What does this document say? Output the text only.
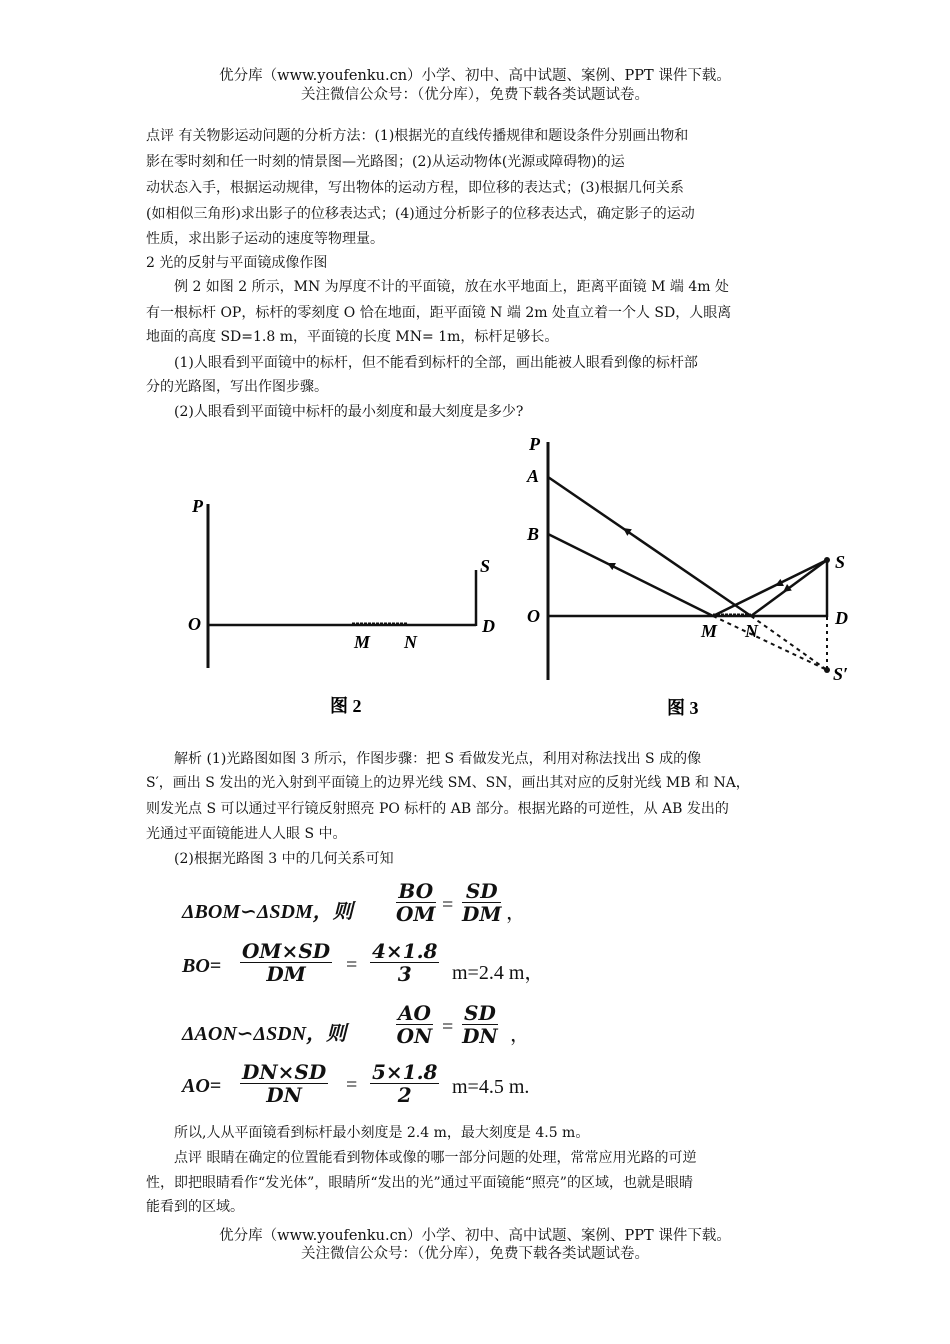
优分库（www.youfenku.cn）小学、初中、高中试题、案例、PPT 课件下载。
关注微信公众号：（优分库），免费下载各类试题试卷。
点评 有关物影运动问题的分析方法：(1)根据光的直线传播规律和题设条件分别画出物和
影在零时刻和任一时刻的情景图—光路图；(2)从运动物体(光源或障碍物)的运
动状态入手，根据运动规律，写出物体的运动方程，即位移的表达式；(3)根据几何关系
(如相似三角形)求出影子的位移表达式；(4)通过分析影子的位移表达式，确定影子的运动
性质，求出影子运动的速度等物理量。
2 光的反射与平面镜成像作图
例 2 如图 2 所示，MN 为厚度不计的平面镜，放在水平地面上，距离平面镜 M 端 4m 处
有一根标杆 OP，标杆的零刻度 O 恰在地面，距平面镜 N 端 2m 处直立着一个人 SD，人眼离
地面的高度 SD=1.8 m，平面镜的长度 MN= 1m，标杆足够长。
(1)人眼看到平面镜中的标杆，但不能看到标杆的全部，画出能被人眼看到像的标杆部
分的光路图，写出作图步骤。
(2)人眼看到平面镜中标杆的最小刻度和最大刻度是多少?
P
O
S
D
M N
图 2
P
A
B
O
S
D
M N
S′
图 3
解析 (1)光路图如图 3 所示，作图步骤：把 S 看做发光点，利用对称法找出 S 成的像
S′，画出 S 发出的光入射到平面镜上的边界光线 SM、SN，画出其对应的反射光线 MB 和 NA，
则发光点 S 可以通过平行镜反射照亮 PO 标杆的 AB 部分。根据光路的可逆性，从 AB 发出的
光通过平面镜能进人人眼 S 中。
(2)根据光路图 3 中的几何关系可知
ΔBOM∽ΔSDM，则 $\frac{BO}{OM} = \frac{SD}{DM}$ ，
$BO= \frac{OM\times SD}{DM} = \frac{4\times 1.8}{3} m=2.4$ m，
ΔAON∽ΔSDN，则 $\frac{AO}{ON} = \frac{SD}{DN}$ ，
$AO= \frac{DN\times SD}{DN} = \frac{5\times 1.8}{2} m=4.5$ m.
所以,人从平面镜看到标杆最小刻度是 2.4 m，最大刻度是 4.5 m。
点评 眼睛在确定的位置能看到物体或像的哪一部分问题的处理，常常应用光路的可逆
性，即把眼睛看作“发光体”，眼睛所“发出的光”通过平面镜能“照亮”的区域，也就是眼睛
能看到的区域。
优分库（www.youfenku.cn）小学、初中、高中试题、案例、PPT 课件下载。
关注微信公众号：（优分库），免费下载各类试题试卷。
